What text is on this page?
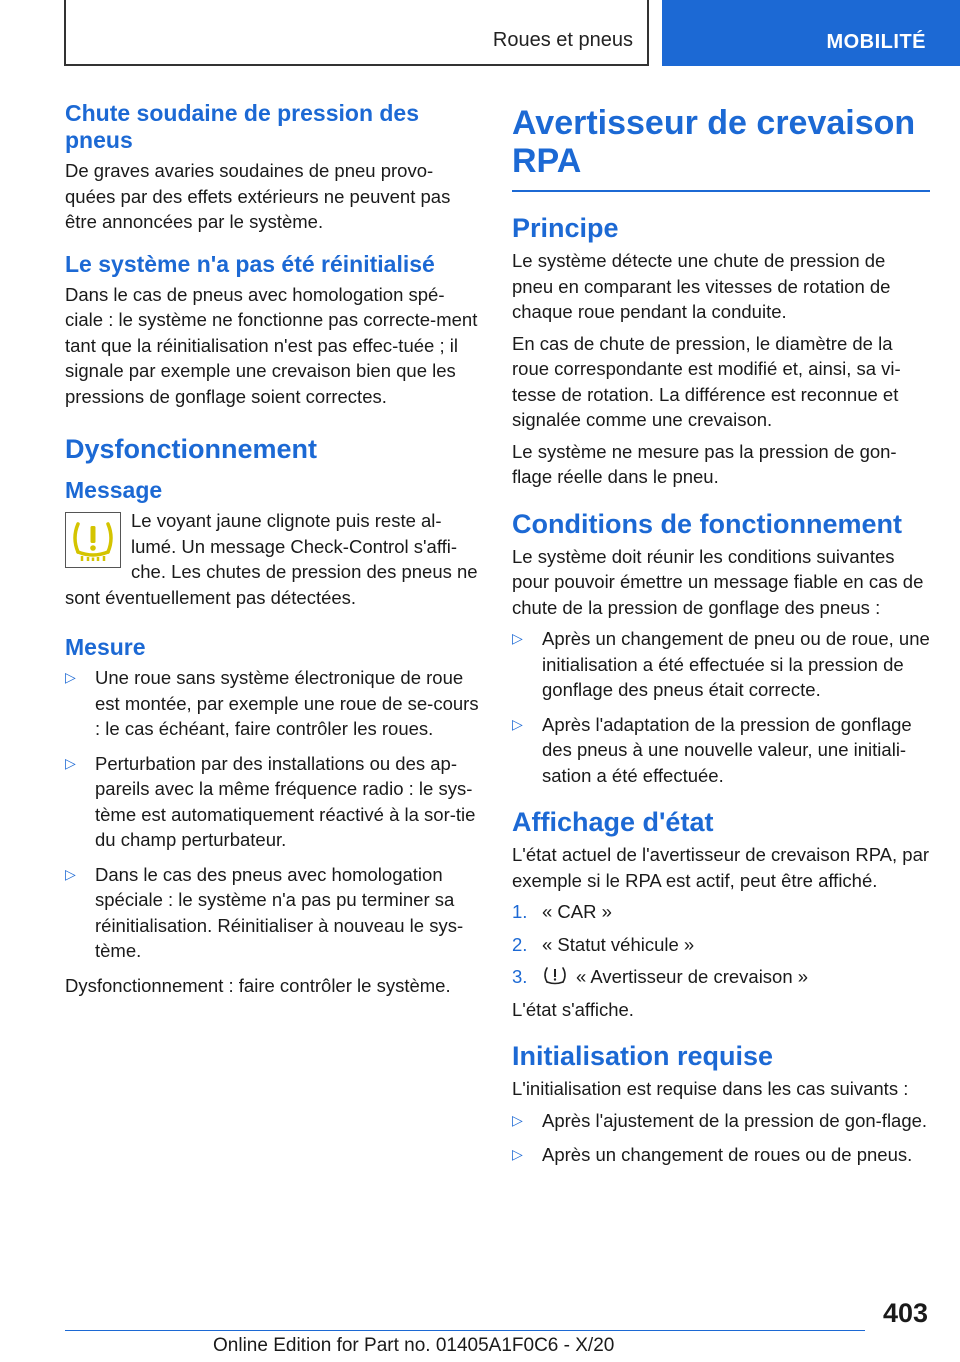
Roues et pneus	MOBILITÉ
Chute soudaine de pression des pneus

De graves avaries soudaines de pneu provo-quées par des effets extérieurs ne peuvent pas être annoncées par le système.

Le système n'a pas été réinitialisé

Dans le cas de pneus avec homologation spé-ciale : le système ne fonctionne pas correcte-ment tant que la réinitialisation n'est pas effec-tuée ; il signale par exemple une crevaison bien que les pressions de gonflage soient correctes.

Dysfonctionnement
Message

Le voyant jaune clignote puis reste al-lumé. Un message Check-Control s'affi-che. Les chutes de pression des pneus ne sont éventuellement pas détectées.

Mesure
▷ Une roue sans système électronique de roue est montée, par exemple une roue de se-cours : le cas échéant, faire contrôler les roues.
▷ Perturbation par des installations ou des ap-pareils avec la même fréquence radio : le sys-tème est automatiquement réactivé à la sor-tie du champ perturbateur.
▷ Dans le cas des pneus avec homologation spéciale : le système n'a pas pu terminer sa réinitialisation. Réinitialiser à nouveau le sys-tème.

Dysfonctionnement : faire contrôler le système.

Avertisseur de crevaison RPA
Principe

Le système détecte une chute de pression de pneu en comparant les vitesses de rotation de chaque roue pendant la conduite.

En cas de chute de pression, le diamètre de la roue correspondante est modifié et, ainsi, sa vi-tesse de rotation. La différence est reconnue et signalée comme une crevaison.

Le système ne mesure pas la pression de gon-flage réelle dans le pneu.

Conditions de fonctionnement

Le système doit réunir les conditions suivantes pour pouvoir émettre un message fiable en cas de chute de la pression de gonflage des pneus :

▷ Après un changement de pneu ou de roue, une initialisation a été effectuée si la pression de gonflage des pneus était correcte.
▷ Après l'adaptation de la pression de gonflage des pneus à une nouvelle valeur, une initiali-sation a été effectuée.
Affichage d'état

L'état actuel de l'avertisseur de crevaison RPA, par exemple si le RPA est actif, peut être affiché.

1. « CAR »
2. « Statut véhicule »
3.	« Avertisseur de crevaison »

L'état s'affiche.

Initialisation requise

L'initialisation est requise dans les cas suivants :

▷ Après l'ajustement de la pression de gon-flage.
▷ Après un changement de roues ou de pneus.
403
Online Edition for Part no. 01405A1F0C6 - X/20
